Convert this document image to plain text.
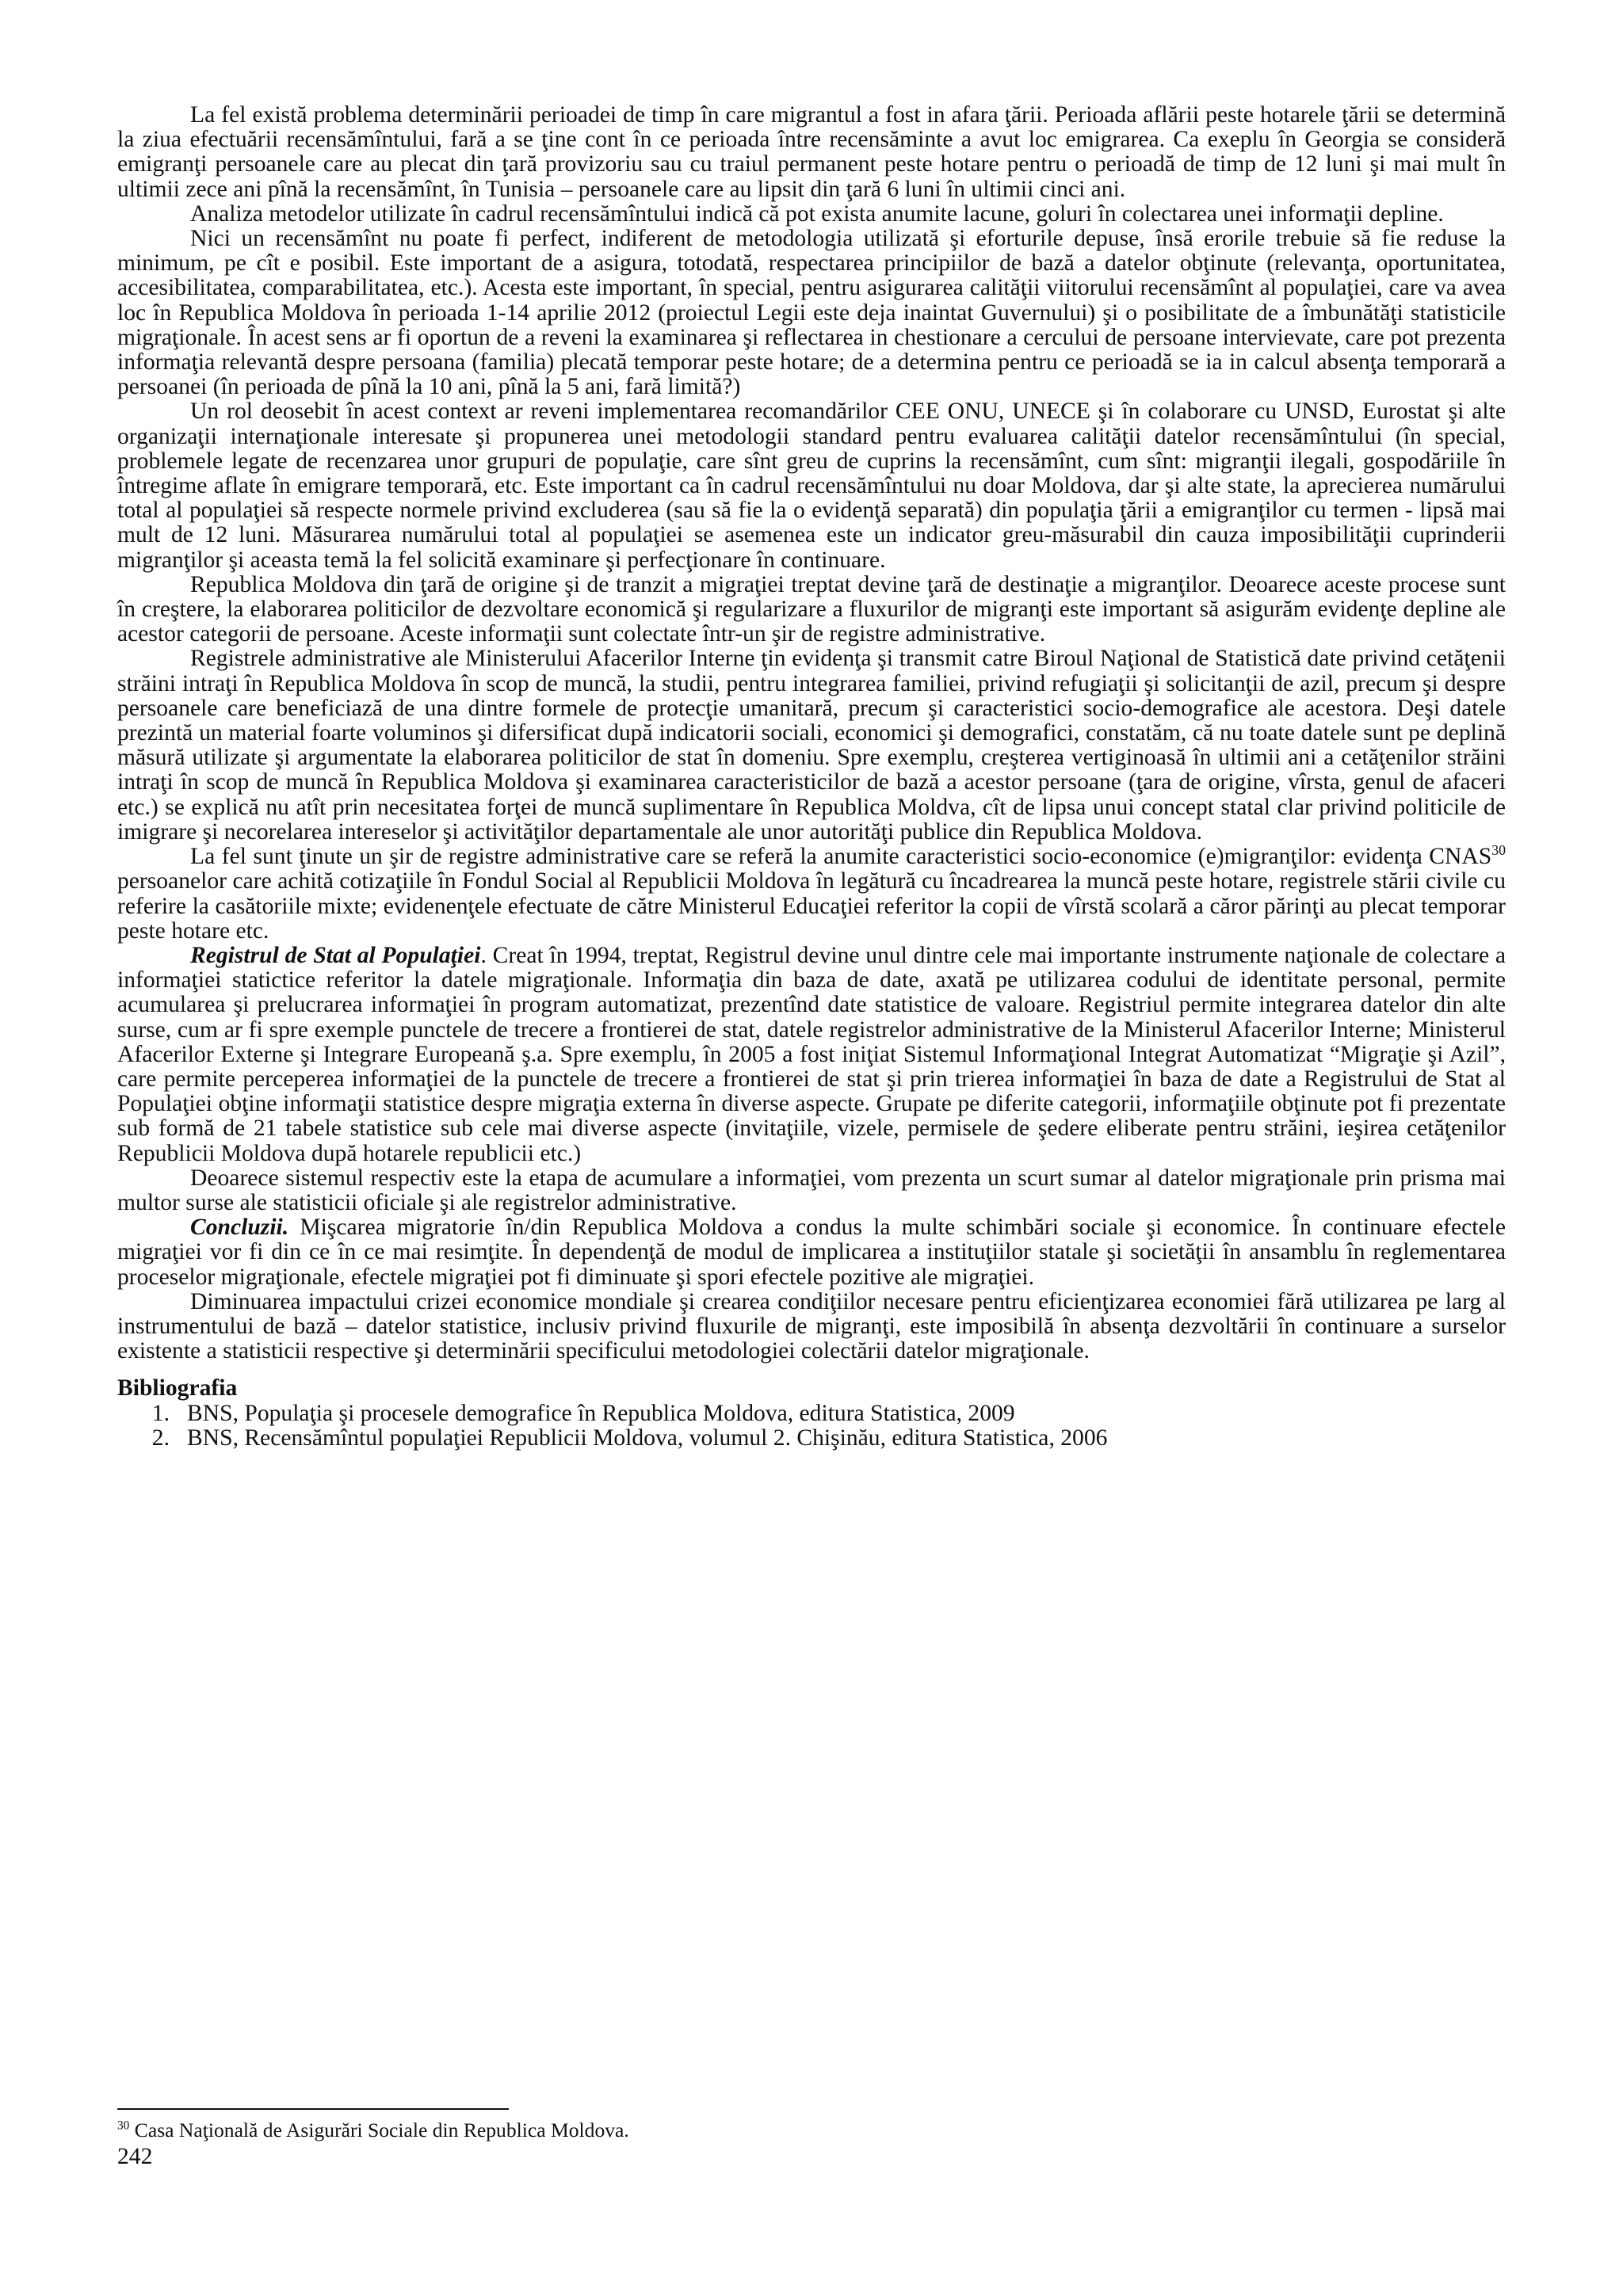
La fel există problema determinării perioadei de timp în care migrantul a fost in afara ţării. Perioada aflării peste hotarele ţării se determină la ziua efectuării recensămîntului, fară a se ţine cont în ce perioada între recensăminte a avut loc emigrarea. Ca exeplu în Georgia se consideră emigranţi persoanele care au plecat din ţară provizoriu sau cu traiul permanent peste hotare pentru o perioadă de timp de 12 luni şi mai mult în ultimii zece ani pînă la recensămînt, în Tunisia – persoanele care au lipsit din ţară 6 luni în ultimii cinci ani.

Analiza metodelor utilizate în cadrul recensămîntului indică că pot exista anumite lacune, goluri în colectarea unei informaţii depline.

Nici un recensămînt nu poate fi perfect, indiferent de metodologia utilizată şi eforturile depuse, însă erorile trebuie să fie reduse la minimum, pe cît e posibil. Este important de a asigura, totodată, respectarea principiilor de bază a datelor obţinute (relevanţa, oportunitatea, accesibilitatea, comparabilitatea, etc.). Acesta este important, în special, pentru asigurarea calităţii viitorului recensămînt al populaţiei, care va avea loc în Republica Moldova în perioada 1-14 aprilie 2012 (proiectul Legii este deja inaintat Guvernului) şi o posibilitate de a îmbunătăţi statisticile migraţionale. În acest sens ar fi oportun de a reveni la examinarea şi reflectarea in chestionare a cercului de persoane intervievate, care pot prezenta informaţia relevantă despre persoana (familia) plecată temporar peste hotare; de a determina pentru ce perioadă se ia in calcul absenţa temporară a persoanei (în perioada de pînă la 10 ani, pînă la 5 ani, fară limită?)

Un rol deosebit în acest context ar reveni implementarea recomandărilor CEE ONU, UNECE şi în colaborare cu UNSD, Eurostat şi alte organizaţii internaţionale interesate şi propunerea unei metodologii standard pentru evaluarea calităţii datelor recensămîntului (în special, problemele legate de recenzarea unor grupuri de populaţie, care sînt greu de cuprins la recensămînt, cum sînt: migranţii ilegali, gospodăriile în întregime aflate în emigrare temporară, etc. Este important ca în cadrul recensămîntului nu doar Moldova, dar şi alte state, la aprecierea numărului total al populaţiei să respecte normele privind excluderea (sau să fie la o evidenţă separată) din populaţia ţării a emigranţilor cu termen - lipsă mai mult de 12 luni. Măsurarea numărului total al populaţiei se asemenea este un indicator greu-măsurabil din cauza imposibilităţii cuprinderii migranţilor şi aceasta temă la fel solicită examinare şi perfecţionare în continuare.

Republica Moldova din ţară de origine şi de tranzit a migraţiei treptat devine ţară de destinaţie a migranţilor. Deoarece aceste procese sunt în creştere, la elaborarea politicilor de dezvoltare economică şi regularizare a fluxurilor de migranţi este important să asigurăm evidenţe depline ale acestor categorii de persoane. Aceste informaţii sunt colectate într-un şir de registre administrative.

Registrele administrative ale Ministerului Afacerilor Interne ţin evidenţa şi transmit catre Biroul Naţional de Statistică date privind cetăţenii străini intraţi în Republica Moldova în scop de muncă, la studii, pentru integrarea familiei, privind refugiaţii şi solicitanţii de azil, precum şi despre persoanele care beneficiază de una dintre formele de protecţie umanitară, precum şi caracteristici socio-demografice ale acestora. Deşi datele prezintă un material foarte voluminos şi difersificat după indicatorii sociali, economici şi demografici, constatăm, că nu toate datele sunt pe deplină măsură utilizate şi argumentate la elaborarea politicilor de stat în domeniu. Spre exemplu, creşterea vertiginoasă în ultimii ani a cetăţenilor străini intraţi în scop de muncă în Republica Moldova şi examinarea caracteristicilor de bază a acestor persoane (ţara de origine, vîrsta, genul de afaceri etc.) se explică nu atît prin necesitatea forţei de muncă suplimentare în Republica Moldva, cît de lipsa unui concept statal clar privind politicile de imigrare şi necorelarea intereselor şi activităţilor departamentale ale unor autorităţi publice din Republica Moldova.

La fel sunt ţinute un şir de registre administrative care se referă la anumite caracteristici socio-economice (e)migranţilor: evidenţa CNAS$^{30}$ persoanelor care achită cotizaţiile în Fondul Social al Republicii Moldova în legătură cu încadrearea la muncă peste hotare, registrele stării civile cu referire la casătoriile mixte; evidenenţele efectuate de către Ministerul Educaţiei referitor la copii de vîrstă scolară a căror părinţi au plecat temporar peste hotare etc.

Registrul de Stat al Populaţiei. Creat în 1994, treptat, Registrul devine unul dintre cele mai importante instrumente naţionale de colectare a informaţiei statictice referitor la datele migraţionale. Informaţia din baza de date, axată pe utilizarea codului de identitate personal, permite acumularea şi prelucrarea informaţiei în program automatizat, prezentînd date statistice de valoare. Registriul permite integrarea datelor din alte surse, cum ar fi spre exemple punctele de trecere a frontierei de stat, datele registrelor administrative de la Ministerul Afacerilor Interne; Ministerul Afacerilor Externe şi Integrare Europeană ş.a. Spre exemplu, în 2005 a fost iniţiat Sistemul Informaţional Integrat Automatizat “Migraţie şi Azil”, care permite perceperea informaţiei de la punctele de trecere a frontierei de stat şi prin trierea informaţiei în baza de date a Registrului de Stat al Populaţiei obţine informaţii statistice despre migraţia externa în diverse aspecte. Grupate pe diferite categorii, informaţiile obţinute pot fi prezentate sub formă de 21 tabele statistice sub cele mai diverse aspecte (invitaţiile, vizele, permisele de şedere eliberate pentru străini, ieşirea cetăţenilor Republicii Moldova după hotarele republicii etc.)

Deoarece sistemul respectiv este la etapa de acumulare a informaţiei, vom prezenta un scurt sumar al datelor migraţionale prin prisma mai multor surse ale statisticii oficiale şi ale registrelor administrative.

Concluzii. Mişcarea migratorie în/din Republica Moldova a condus la multe schimbări sociale şi economice. În continuare efectele migraţiei vor fi din ce în ce mai resimţite. În dependenţă de modul de implicarea a instituţiilor statale şi societăţii în ansamblu în reglementarea proceselor migraţionale, efectele migraţiei pot fi diminuate şi spori efectele pozitive ale migraţiei.

Diminuarea impactului crizei economice mondiale şi crearea condiţiilor necesare pentru eficienţizarea economiei fără utilizarea pe larg al instrumentului de bază – datelor statistice, inclusiv privind fluxurile de migranţi, este imposibilă în absenţa dezvoltării în continuare a surselor existente a statisticii respective şi determinării specificului metodologiei colectării datelor migraţionale.

Bibliografia
1. BNS, Populaţia şi procesele demografice în Republica Moldova, editura Statistica, 2009
2. BNS, Recensămîntul populaţiei Republicii Moldova, volumul 2. Chişinău, editura Statistica, 2006
$^{30}$ Casa Naţională de Asigurări Sociale din Republica Moldova.
242
